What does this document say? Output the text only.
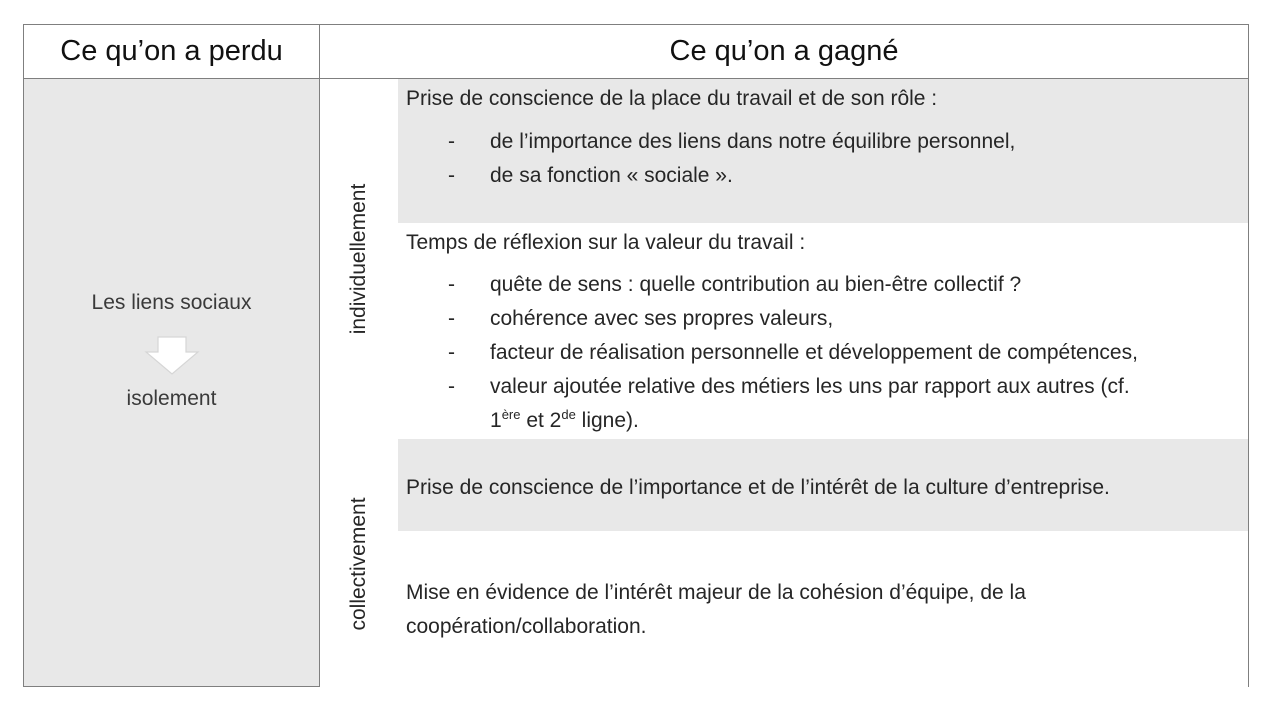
Ce qu’on a perdu	Ce qu’on a gagné
Les liens sociaux
isolement
individuellement
collectivement
Prise de conscience de la place du travail et de son rôle :
- de l’importance des liens dans notre équilibre personnel,
- de sa fonction « sociale ».
Temps de réflexion sur la valeur du travail :
- quête de sens : quelle contribution au bien-être collectif ?
- cohérence avec ses propres valeurs,
- facteur de réalisation personnelle et développement de compétences,
- valeur ajoutée relative des métiers les uns par rapport aux autres (cf.
1ère et 2de ligne).
Prise de conscience de l’importance et de l’intérêt de la culture d’entreprise.
Mise en évidence de l’intérêt majeur de la cohésion d’équipe, de la
coopération/collaboration.
